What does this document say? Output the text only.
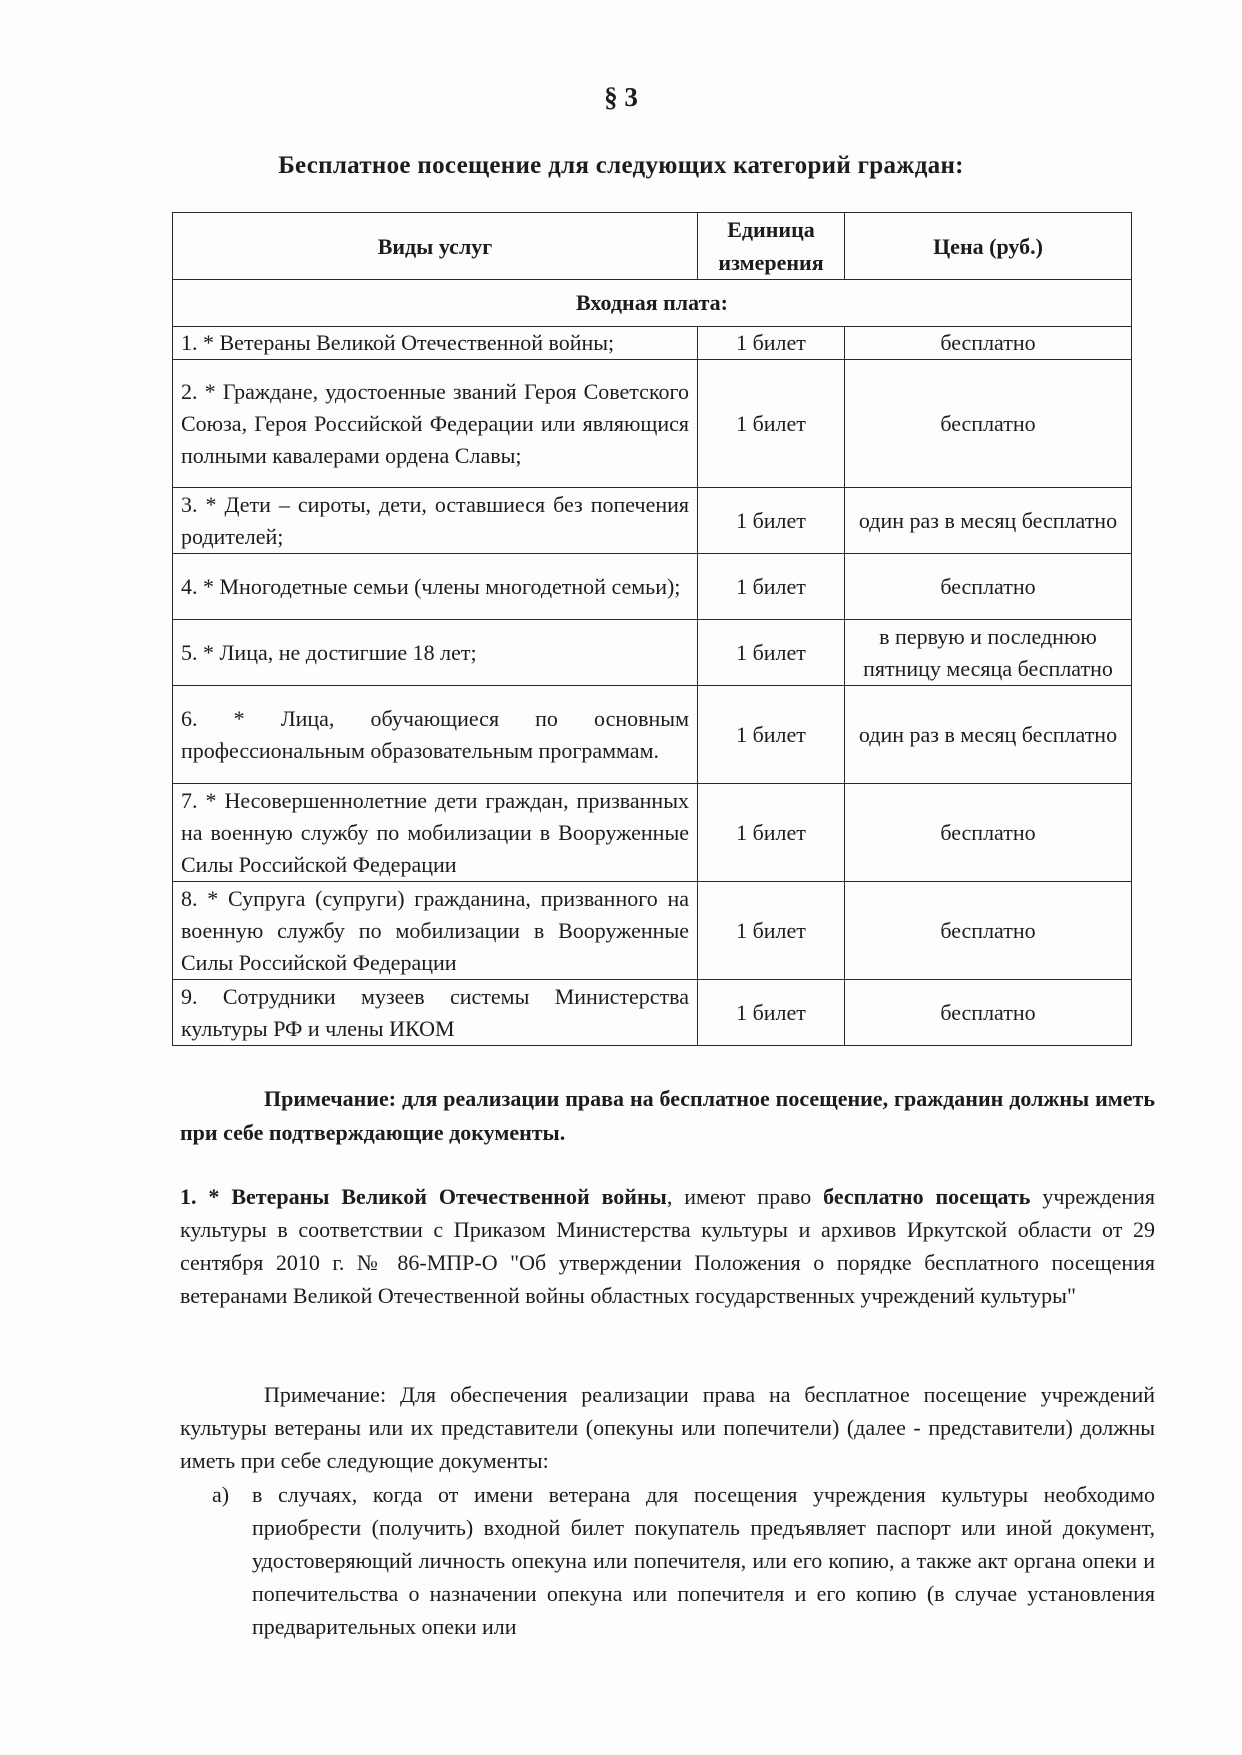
§ 3
Бесплатное посещение для следующих категорий граждан:
Виды услуг	Единица измерения	Цена (руб.)
Входная плата:		
1. * Ветераны Великой Отечественной войны;	1 билет	бесплатно
2. * Граждане, удостоенные званий Героя Советского Союза, Героя Российской Федерации или являющися полными кавалерами ордена Славы;	1 билет	бесплатно
3. * Дети – сироты, дети, оставшиеся без попечения родителей;	1 билет	один раз в месяц бесплатно
4. * Многодетные семьи (члены многодетной семьи);	1 билет	бесплатно
5. * Лица, не достигшие 18 лет;	1 билет	в первую и последнюю пятницу месяца бесплатно
6. * Лица, обучающиеся по основным профессиональным образовательным программам.	1 билет	один раз в месяц бесплатно
7. * Несовершеннолетние дети граждан, призванных на военную службу по мобилизации в Вооруженные Силы Российской Федерации	1 билет	бесплатно
8. * Супруга (супруги) гражданина, призванного на военную службу по мобилизации в Вооруженные Силы Российской Федерации	1 билет	бесплатно
9. Сотрудники музеев системы Министерства культуры РФ и члены ИКОМ	1 билет	бесплатно
Примечание: для реализации права на бесплатное посещение, гражданин должны иметь при себе подтверждающие документы.
1. * Ветераны Великой Отечественной войны, имеют право бесплатно посещать учреждения культуры в соответствии с Приказом Министерства культуры и архивов Иркутской области от 29 сентября 2010 г. № 86-МПР-О "Об утверждении Положения о порядке бесплатного посещения ветеранами Великой Отечественной войны областных государственных учреждений культуры"
Примечание: Для обеспечения реализации права на бесплатное посещение учреждений культуры ветераны или их представители (опекуны или попечители) (далее - представители) должны иметь при себе следующие документы:
а) в случаях, когда от имени ветерана для посещения учреждения культуры необходимо приобрести (получить) входной билет покупатель предъявляет паспорт или иной документ, удостоверяющий личность опекуна или попечителя, или его копию, а также акт органа опеки и попечительства о назначении опекуна или попечителя и его копию (в случае установления предварительных опеки или
